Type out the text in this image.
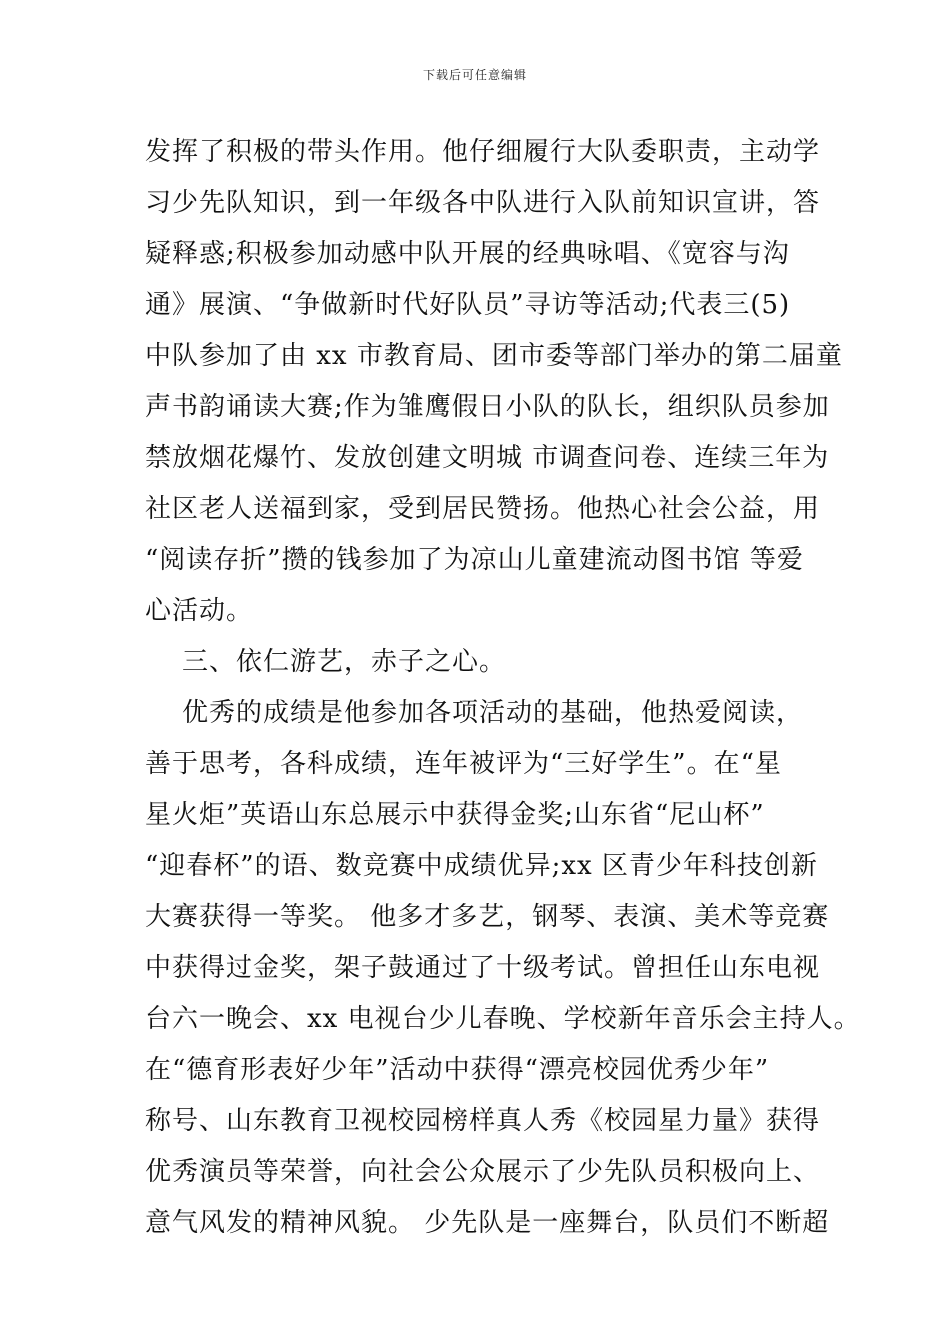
下载后可任意编辑
发挥了积极的带头作用。他仔细履行大队委职责，主动学
习少先队知识，到一年级各中队进行入队前知识宣讲，答
疑释惑;积极参加动感中队开展的经典咏唱、《宽容与沟
通》展演、“争做新时代好队员”寻访等活动;代表三(5)
中队参加了由 xx 市教育局、团市委等部门举办的第二届童
声书韵诵读大赛;作为雏鹰假日小队的队长，组织队员参加
禁放烟花爆竹、发放创建文明城 市调查问卷、连续三年为
社区老人送福到家，受到居民赞扬。他热心社会公益，用
“阅读存折”攒的钱参加了为凉山儿童建流动图书馆 等爱
心活动。
三、依仁游艺，赤子之心。
优秀的成绩是他参加各项活动的基础，他热爱阅读，
善于思考，各科成绩，连年被评为“三好学生”。在“星
星火炬”英语山东总展示中获得金奖;山东省“尼山杯”
“迎春杯”的语、数竞赛中成绩优异;xx 区青少年科技创新
大赛获得一等奖。 他多才多艺，钢琴、表演、美术等竞赛
中获得过金奖，架子鼓通过了十级考试。曾担任山东电视
台六一晚会、xx 电视台少儿春晚、学校新年音乐会主持人。
在“德育形表好少年”活动中获得“漂亮校园优秀少年”
称号、山东教育卫视校园榜样真人秀《校园星力量》获得
优秀演员等荣誉，向社会公众展示了少先队员积极向上、
意气风发的精神风貌。 少先队是一座舞台，队员们不断超
